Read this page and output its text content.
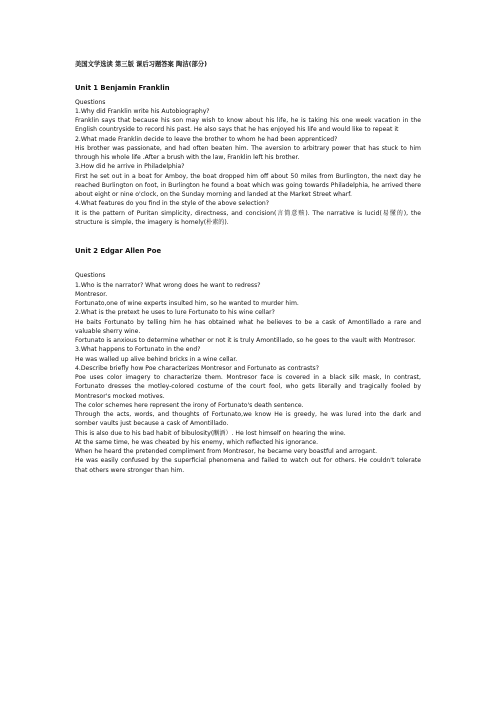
美国文学选读 第三版 课后习题答案 陶洁(部分)
Unit 1 Benjamin Franklin

Questions

1.Why did Franklin write his Autobiography?

Franklin says that because his son may wish to know about his life, he is taking his one week vacation in the English countryside to record his past. He also says that he has enjoyed his life and would like to repeat it

2.What made Franklin decide to leave the brother to whom he had been apprenticed?

His brother was passionate, and had often beaten him. The aversion to arbitrary power that has stuck to him through his whole life .After a brush with the law, Franklin left his brother.

3.How did he arrive in Philadelphia?

First he set out in a boat for Amboy, the boat dropped him off about 50 miles from Burlington, the next day he reached Burlington on foot, in Burlington he found a boat which was going towards Philadelphia, he arrived there about eight or nine o'clock, on the Sunday morning and landed at the Market Street wharf.

4.What features do you find in the style of the above selection?

It is the pattern of Puritan simplicity, directness, and concision(言简意赅). The narrative is lucid(易懂的), the structure is simple, the imagery is homely(朴素的).

Unit 2 Edgar Allen Poe

Questions

1.Who is the narrator? What wrong does he want to redress?

Montresor.

Fortunato,one of wine experts insulted him, so he wanted to murder him.

2.What is the pretext he uses to lure Fortunato to his wine cellar?

He baits Fortunato by telling him he has obtained what he believes to be a cask of Amontillado a rare and valuable sherry wine.

Fortunato is anxious to determine whether or not it is truly Amontillado, so he goes to the vault with Montresor.

3.What happens to Fortunato in the end?

He was walled up alive behind bricks in a wine cellar.

4.Describe briefly how Poe characterizes Montresor and Fortunato as contrasts?

Poe uses color imagery to characterize them. Montresor face is covered in a black silk mask, In contrast, Fortunato dresses the motley-colored costume of the court fool, who gets literally and tragically fooled by Montresor's mocked motives.

The color schemes here represent the irony of Fortunato's death sentence.

Through the acts, words, and thoughts of Fortunato,we know He is greedy, he was lured into the dark and somber vaults just because a cask of Amontillado.

This is also due to his bad habit of bibulosity(酗酒）. He lost himself on hearing the wine.

At the same time, he was cheated by his enemy, which reflected his ignorance.

When he heard the pretended compliment from Montresor, he became very boastful and arrogant.

He was easily confused by the superficial phenomena and failed to watch out for others. He couldn't tolerate that others were stronger than him.
